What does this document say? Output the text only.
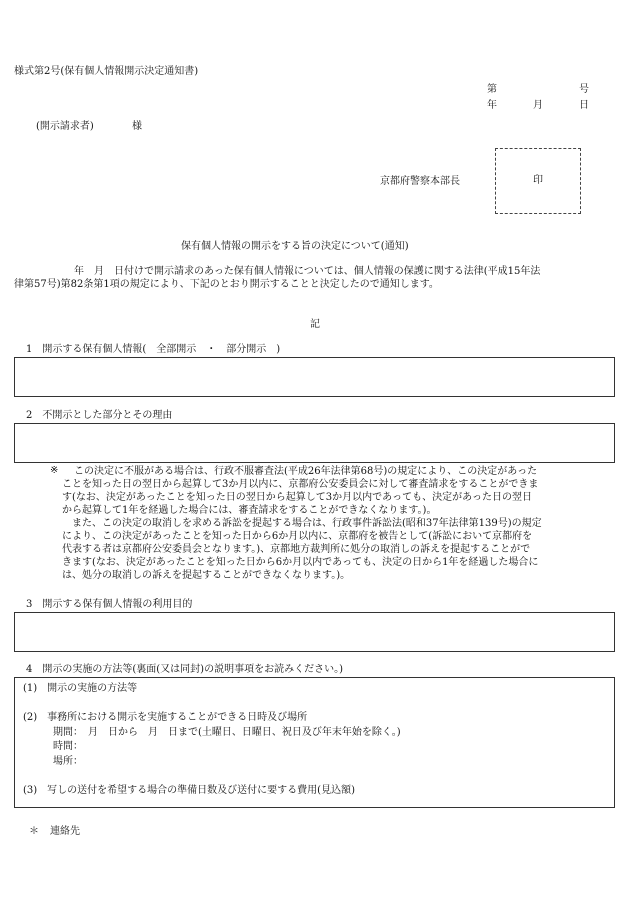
様式第2号(保有個人情報開示決定通知書)
第	号
年	月	日
(開示請求者)	様
京都府警察本部長	印
保有個人情報の開示をする旨の決定について(通知)
年　月　日付けで開示請求のあった保有個人情報については、個人情報の保護に関する法律(平成15年法
律第57号)第82条第1項の規定により、下記のとおり開示することと決定したので通知します。
記
1　開示する保有個人情報(　全部開示　・　部分開示　)
2　不開示とした部分とその理由
※	この決定に不服がある場合は、行政不服審査法(平成26年法律第68号)の規定により、この決定があった
ことを知った日の翌日から起算して3か月以内に、京都府公安委員会に対して審査請求をすることができま
す(なお、決定があったことを知った日の翌日から起算して3か月以内であっても、決定があった日の翌日
から起算して1年を経過した場合には、審査請求をすることができなくなります。)。
　また、この決定の取消しを求める訴訟を提起する場合は、行政事件訴訟法(昭和37年法律第139号)の規定
により、この決定があったことを知った日から6か月以内に、京都府を被告として(訴訟において京都府を
代表する者は京都府公安委員会となります。)、京都地方裁判所に処分の取消しの訴えを提起することがで
きます(なお、決定があったことを知った日から6か月以内であっても、決定の日から1年を経過した場合に
は、処分の取消しの訴えを提起することができなくなります。)。
3　開示する保有個人情報の利用目的
4　開示の実施の方法等(裏面(又は同封)の説明事項をお読みください。)
(1)　開示の実施の方法等
(2)　事務所における開示を実施することができる日時及び場所
期間：　月　日から　月　日まで(土曜日、日曜日、祝日及び年末年始を除く。)
時間：
場所：
(3)　写しの送付を希望する場合の準備日数及び送付に要する費用(見込額)
＊ 連絡先
